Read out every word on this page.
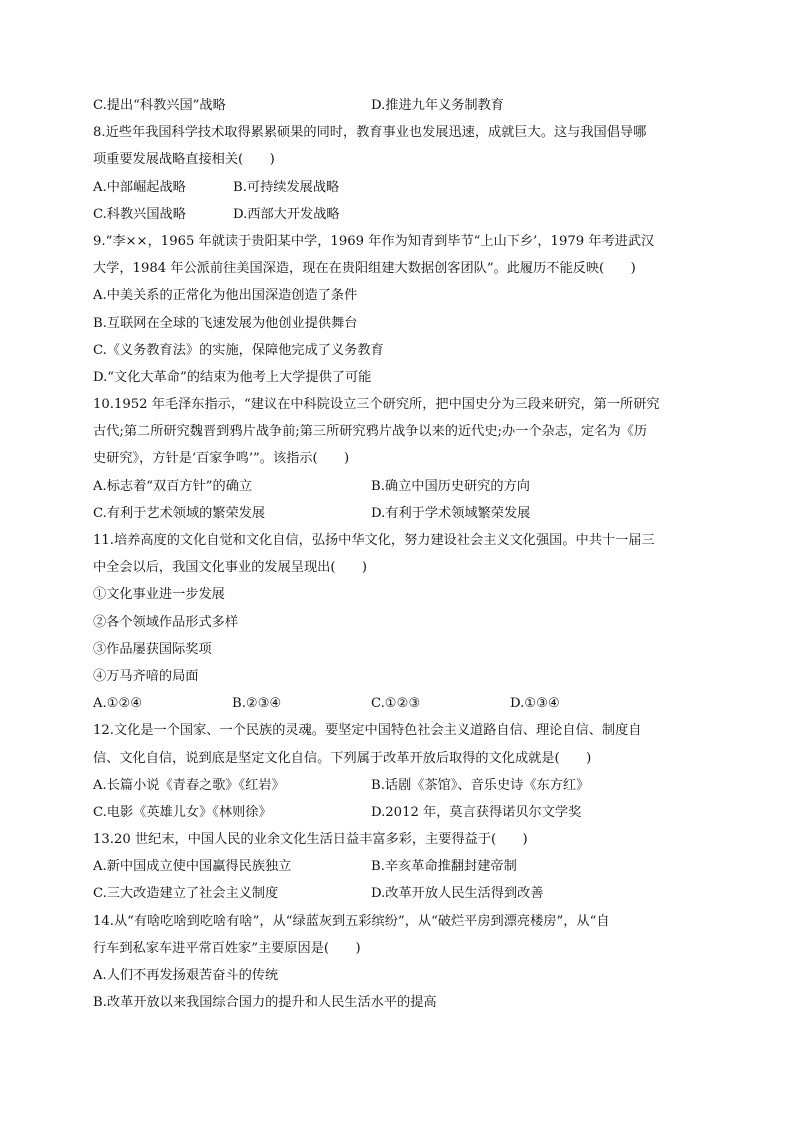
C.提出“科教兴国”战略	D.推进九年义务制教育
8.近些年我国科学技术取得累累硕果的同时，教育事业也发展迅速，成就巨大。这与我国倡导哪
项重要发展战略直接相关(　　)
A.中部崛起战略	B.可持续发展战略
C.科教兴国战略	D.西部大开发战略
9.“李××，1965 年就读于贵阳某中学，1969 年作为知青到毕节“上山下乡’，1979 年考进武汉
大学，1984 年公派前往美国深造，现在在贵阳组建大数据创客团队”。此履历不能反映(　　)
A.中美关系的正常化为他出国深造创造了条件
B.互联网在全球的飞速发展为他创业提供舞台
C.《义务教育法》的实施，保障他完成了义务教育
D.“文化大革命”的结束为他考上大学提供了可能
10.1952 年毛泽东指示，“建议在中科院设立三个研究所，把中国史分为三段来研究，第一所研究
古代;第二所研究魏晋到鸦片战争前;第三所研究鸦片战争以来的近代史;办一个杂志，定名为《历
史研究》，方针是‘百家争鸣’”。该指示(　　)
A.标志着“双百方针”的确立	B.确立中国历史研究的方向
C.有利于艺术领域的繁荣发展	D.有利于学术领域繁荣发展
11.培养高度的文化自觉和文化自信，弘扬中华文化，努力建设社会主义文化强国。中共十一届三
中全会以后，我国文化事业的发展呈现出(　　)
①文化事业进一步发展
②各个领域作品形式多样
③作品屡获国际奖项
④万马齐喑的局面
A.①②④	B.②③④	C.①②③	D.①③④
12.文化是一个国家、一个民族的灵魂。要坚定中国特色社会主义道路自信、理论自信、制度自
信、文化自信，说到底是坚定文化自信。下列属于改革开放后取得的文化成就是(　　)
A.长篇小说《青春之歌》《红岩》	B.话剧《茶馆》、音乐史诗《东方红》
C.电影《英雄儿女》《林则徐》	D.2012 年，莫言获得诺贝尔文学奖
13.20 世纪末，中国人民的业余文化生活日益丰富多彩，主要得益于(　　)
A.新中国成立使中国赢得民族独立	B.辛亥革命推翻封建帝制
C.三大改造建立了社会主义制度	D.改革开放人民生活得到改善
14.从“有啥吃啥到吃啥有啥”，从“绿蓝灰到五彩缤纷”，从“破烂平房到漂亮楼房”，从“自
行车到私家车进平常百姓家”主要原因是(　　)
A.人们不再发扬艰苦奋斗的传统
B.改革开放以来我国综合国力的提升和人民生活水平的提高
